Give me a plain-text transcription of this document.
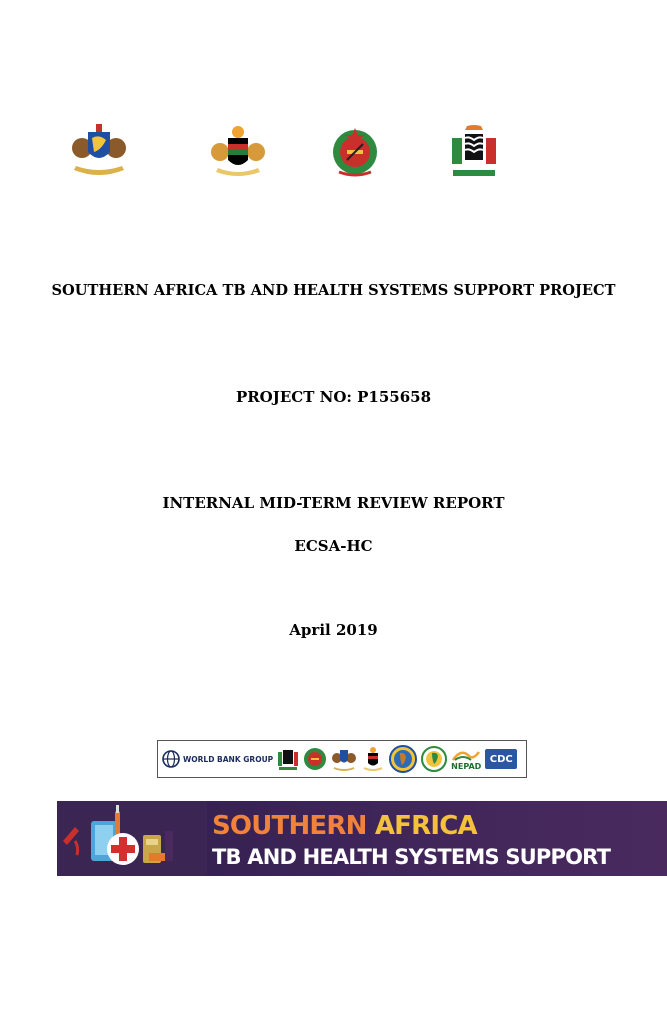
SOUTHERN AFRICA TB AND HEALTH SYSTEMS SUPPORT PROJECT
PROJECT NO: P155658
INTERNAL MID-TERM REVIEW REPORT
ECSA-HC
April 2019
WORLD BANK GROUP
NEPAD
CDC
SOUTHERN AFRICA
TB AND HEALTH SYSTEMS SUPPORT
